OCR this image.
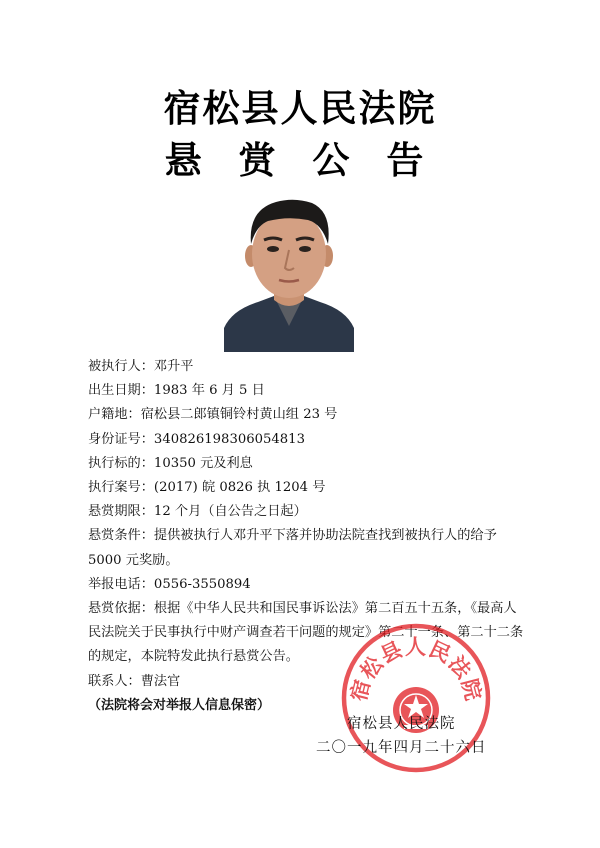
宿松县人民法院
悬 赏 公 告
被执行人：邓升平
出生日期：1983 年 6 月 5 日
户籍地：宿松县二郎镇铜铃村黄山组 23 号
身份证号：340826198306054813
执行标的：10350 元及利息
执行案号：(2017) 皖 0826 执 1204 号
悬赏期限：12 个月（自公告之日起）
悬赏条件：提供被执行人邓升平下落并协助法院查找到被执行人的给予 5000 元奖励。
举报电话：0556-3550894
悬赏依据：根据《中华人民共和国民事诉讼法》第二百五十五条，《最高人民法院关于民事执行中财产调查若干问题的规定》第二十一条、第二十二条的规定，本院特发此执行悬赏公告。
联系人：曹法官
（法院将会对举报人信息保密）
宿松县人民法院
宿松县人民法院
二〇一九年四月二十六日
